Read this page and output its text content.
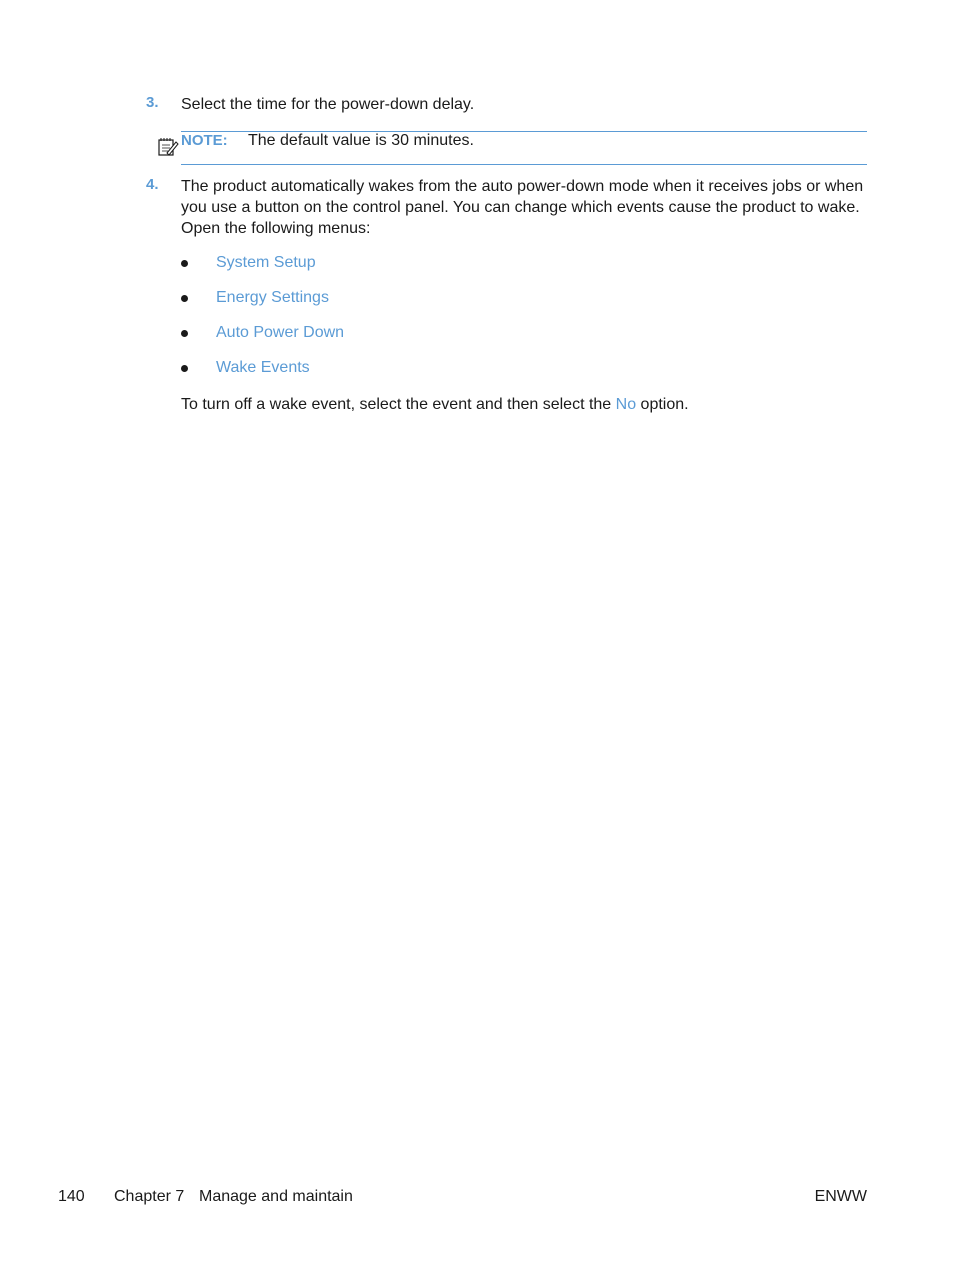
3.	Select the time for the power-down delay.
NOTE: The default value is 30 minutes.
4.	The product automatically wakes from the auto power-down mode when it receives jobs or when you use a button on the control panel. You can change which events cause the product to wake. Open the following menus:
System Setup
Energy Settings
Auto Power Down
Wake Events
To turn off a wake event, select the event and then select the No option.
140 Chapter 7 Manage and maintain	ENWW
